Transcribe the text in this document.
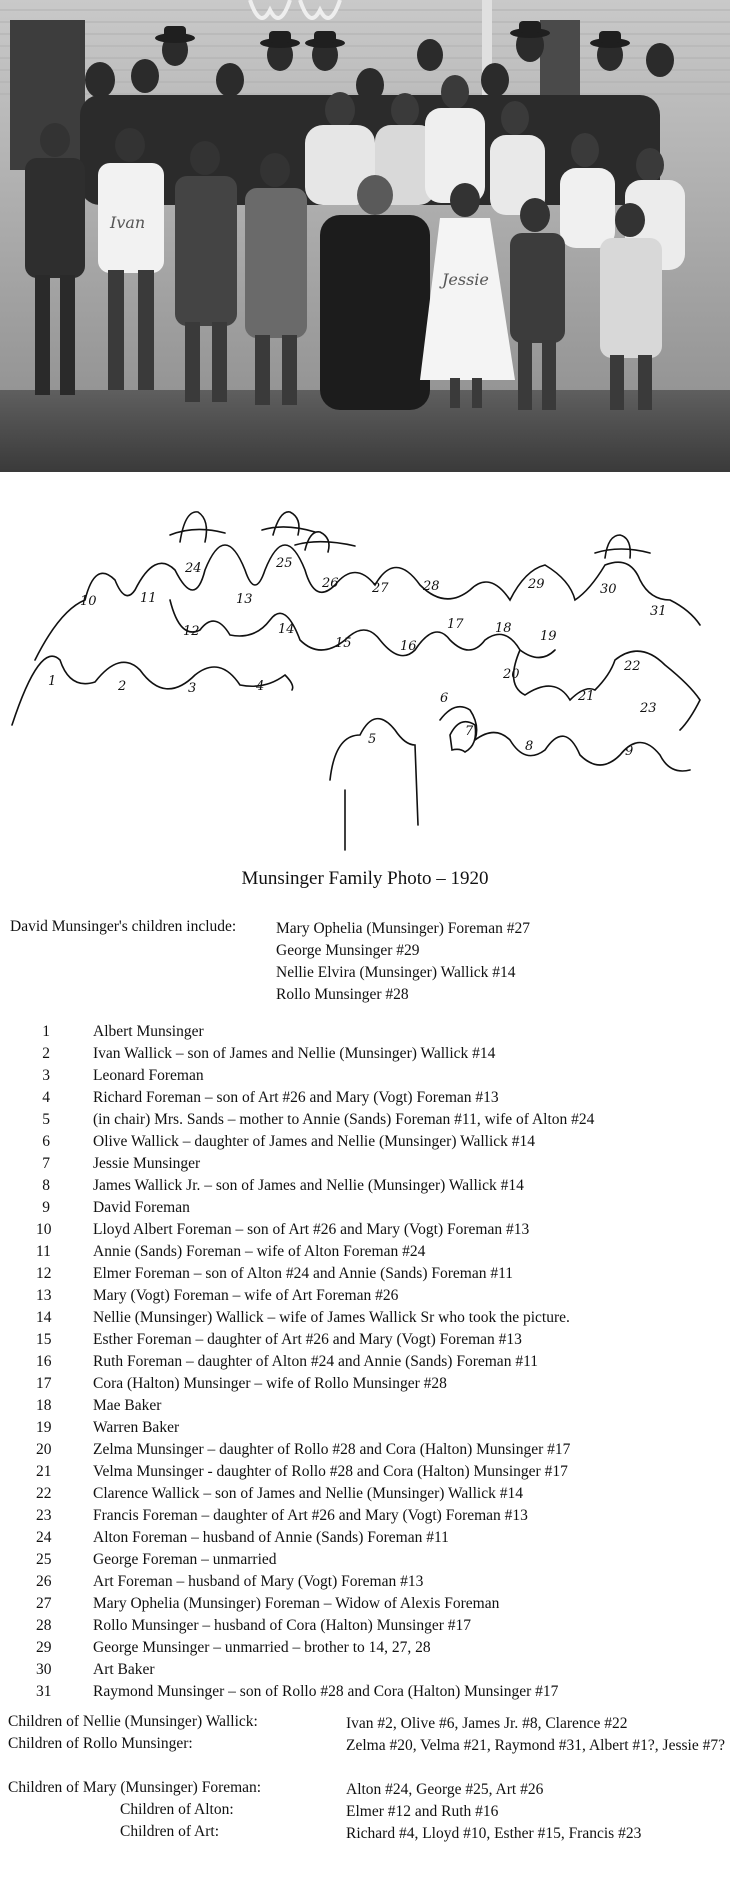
Ivan
Jessie
1	2	3	4
5
6
7
8	9
10	11
12
13
14
15	16
17 18
19
20
21
22
23
24	25
26	27	28	29	30
31
Munsinger Family Photo – 1920
David Munsinger's children include:	Mary Ophelia (Munsinger) Foreman #27
George Munsinger #29
Nellie Elvira (Munsinger) Wallick #14
Rollo Munsinger #28
1	Albert Munsinger
2	Ivan Wallick – son of James and Nellie (Munsinger) Wallick #14
3	Leonard Foreman
4	Richard Foreman – son of Art #26 and Mary (Vogt) Foreman #13
5	(in chair) Mrs. Sands – mother to Annie (Sands) Foreman #11, wife of Alton #24
6	Olive Wallick – daughter of James and Nellie (Munsinger) Wallick #14
7	Jessie Munsinger
8	James Wallick Jr. – son of James and Nellie (Munsinger) Wallick #14
9	David Foreman
10	Lloyd Albert Foreman – son of Art #26 and Mary (Vogt) Foreman #13
11	Annie (Sands) Foreman – wife of Alton Foreman #24
12	Elmer Foreman – son of Alton #24 and Annie (Sands) Foreman #11
13	Mary (Vogt) Foreman – wife of Art Foreman #26
14	Nellie (Munsinger) Wallick – wife of James Wallick Sr who took the picture.
15	Esther Foreman – daughter of Art #26 and Mary (Vogt) Foreman #13
16	Ruth Foreman – daughter of Alton #24 and Annie (Sands) Foreman #11
17	Cora (Halton) Munsinger – wife of Rollo Munsinger #28
18	Mae Baker
19	Warren Baker
20	Zelma Munsinger – daughter of Rollo #28 and Cora (Halton) Munsinger #17
21	Velma Munsinger - daughter of Rollo #28 and Cora (Halton) Munsinger #17
22	Clarence Wallick – son of James and Nellie (Munsinger) Wallick #14
23	Francis Foreman – daughter of Art #26 and Mary (Vogt) Foreman #13
24	Alton Foreman – husband of Annie (Sands) Foreman #11
25	George Foreman – unmarried
26	Art Foreman – husband of Mary (Vogt) Foreman #13
27	Mary Ophelia (Munsinger) Foreman – Widow of Alexis Foreman
28	Rollo Munsinger – husband of Cora (Halton) Munsinger #17
29	George Munsinger – unmarried – brother to 14, 27, 28
30	Art Baker
31	Raymond Munsinger – son of Rollo #28 and Cora (Halton) Munsinger #17
Children of Nellie (Munsinger) Wallick:	Ivan #2, Olive #6, James Jr. #8, Clarence #22
Children of Rollo Munsinger:	Zelma #20, Velma #21, Raymond #31, Albert #1?, Jessie #7?
Children of Mary (Munsinger) Foreman:	Alton #24, George #25, Art #26
Children of Alton:	Elmer #12 and Ruth #16
Children of Art:	Richard #4, Lloyd #10, Esther #15, Francis #23
